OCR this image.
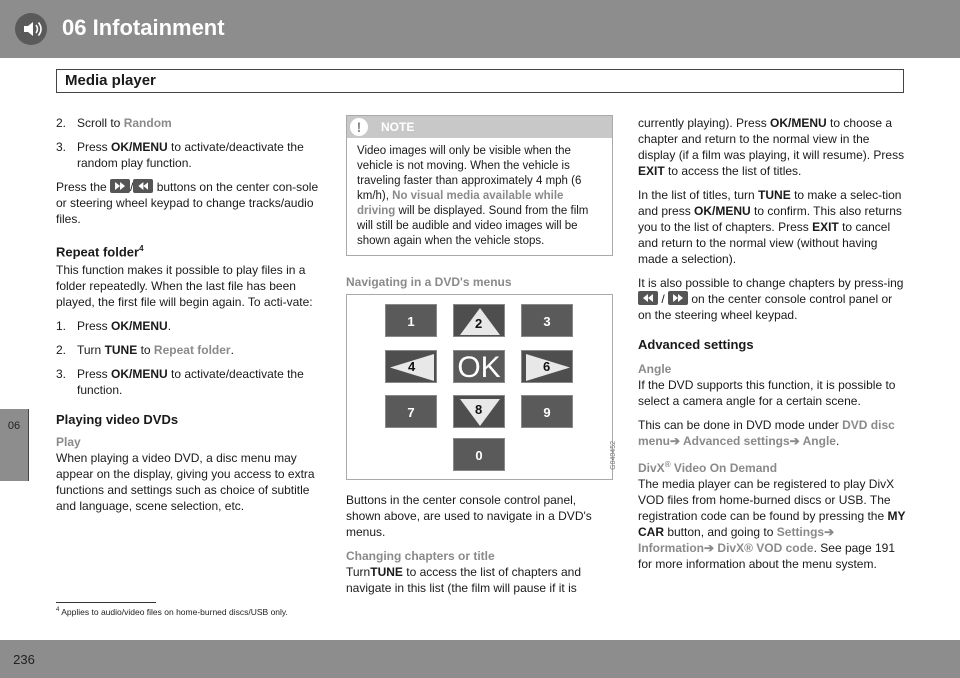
06 Infotainment
Media player
06
2. Scroll to Random
3. Press OK/MENU to activate/deactivate the random play function.

Press the / buttons on the center con-sole or steering wheel keypad to change tracks/audio files.

Repeat folder$^4$

This function makes it possible to play files in a folder repeatedly. When the last file has been played, the first file will begin again. To acti-vate:

1. Press OK/MENU.
2. Turn TUNE to Repeat folder.
3. Press OK/MENU to activate/deactivate the function.
Playing video DVDs
Play

When playing a video DVD, a disc menu may appear on the display, giving you access to extra functions and settings such as choice of subtitle and language, scene selection, etc.

!	NOTE
Video images will only be visible when the vehicle is not moving. When the vehicle is traveling faster than approximately 4 mph (6 km/h), No visual media available while driving will be displayed. Sound from the film will still be audible and video images will be shown again when the vehicle stops.
Navigating in a DVD's menus
1	2	3
4 OK	6
7	8	9
0	G040452

Buttons in the center console control panel, shown above, are used to navigate in a DVD's menus.

Changing chapters or title

TurnTUNE to access the list of chapters and navigate in this list (the film will pause if it is

currently playing). Press OK/MENU to choose a chapter and return to the normal view in the display (if a film was playing, it will resume). Press EXIT to access the list of titles.

In the list of titles, turn TUNE to make a selec-tion and press OK/MENU to confirm. This also returns you to the list of chapters. Press EXIT to cancel and return to the normal view (without having made a selection).

It is also possible to change chapters by press-ing  /  on the center console control panel or on the steering wheel keypad.

Advanced settings
Angle

If the DVD supports this function, it is possible to select a camera angle for a certain scene.

This can be done in DVD mode under DVD disc menu➔ Advanced settings➔ Angle.

DivX® Video On Demand

The media player can be registered to play DivX VOD files from home-burned discs or USB. The registration code can be found by pressing the MY CAR button, and going to Settings➔ Information➔ DivX® VOD code. See page 191 for more information about the menu system.

$^4$ Applies to audio/video files on home-burned discs/USB only.
236
